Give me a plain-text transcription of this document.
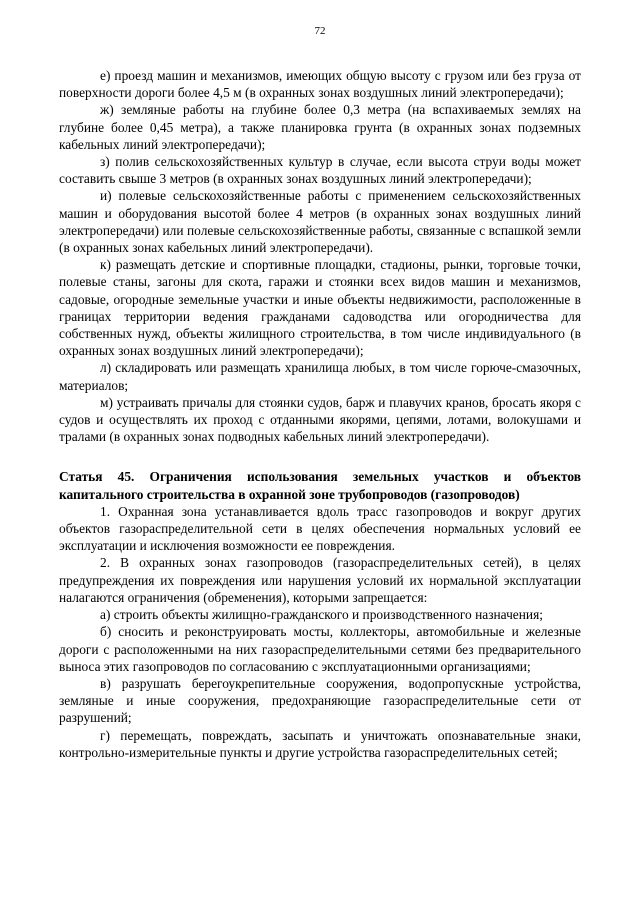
72

е) проезд машин и механизмов, имеющих общую высоту с грузом или без груза от поверхности дороги более 4,5 м (в охранных зонах воздушных линий электропередачи);

ж) земляные работы на глубине более 0,3 метра (на вспахиваемых землях на глубине более 0,45 метра), а также планировка грунта (в охранных зонах подземных кабельных линий электропередачи);

з) полив сельскохозяйственных культур в случае, если высота струи воды может составить свыше 3 метров (в охранных зонах воздушных линий электропередачи);

и) полевые сельскохозяйственные работы с применением сельскохозяйственных машин и оборудования высотой более 4 метров (в охранных зонах воздушных линий электропередачи) или полевые сельскохозяйственные работы, связанные с вспашкой земли (в охранных зонах кабельных линий электропередачи).

к) размещать детские и спортивные площадки, стадионы, рынки, торговые точки, полевые станы, загоны для скота, гаражи и стоянки всех видов машин и механизмов, садовые, огородные земельные участки и иные объекты недвижимости, расположенные в границах территории ведения гражданами садоводства или огородничества для собственных нужд, объекты жилищного строительства, в том числе индивидуального (в охранных зонах воздушных линий электропередачи);

л) складировать или размещать хранилища любых, в том числе горюче-смазочных, материалов;

м) устраивать причалы для стоянки судов, барж и плавучих кранов, бросать якоря с судов и осуществлять их проход с отданными якорями, цепями, лотами, волокушами и тралами (в охранных зонах подводных кабельных линий электропередачи).

Статья 45. Ограничения использования земельных участков и объектов капитального строительства в охранной зоне трубопроводов (газопроводов)

1. Охранная зона устанавливается вдоль трасс газопроводов и вокруг других объектов газораспределительной сети в целях обеспечения нормальных условий ее эксплуатации и исключения возможности ее повреждения.

2. В охранных зонах газопроводов (газораспределительных сетей), в целях предупреждения их повреждения или нарушения условий их нормальной эксплуатации налагаются ограничения (обременения), которыми запрещается:

а) строить объекты жилищно-гражданского и производственного назначения;

б) сносить и реконструировать мосты, коллекторы, автомобильные и железные дороги с расположенными на них газораспределительными сетями без предварительного выноса этих газопроводов по согласованию с эксплуатационными организациями;

в) разрушать берегоукрепительные сооружения, водопропускные устройства, земляные и иные сооружения, предохраняющие газораспределительные сети от разрушений;

г) перемещать, повреждать, засыпать и уничтожать опознавательные знаки, контрольно-измерительные пункты и другие устройства газораспределительных сетей;
